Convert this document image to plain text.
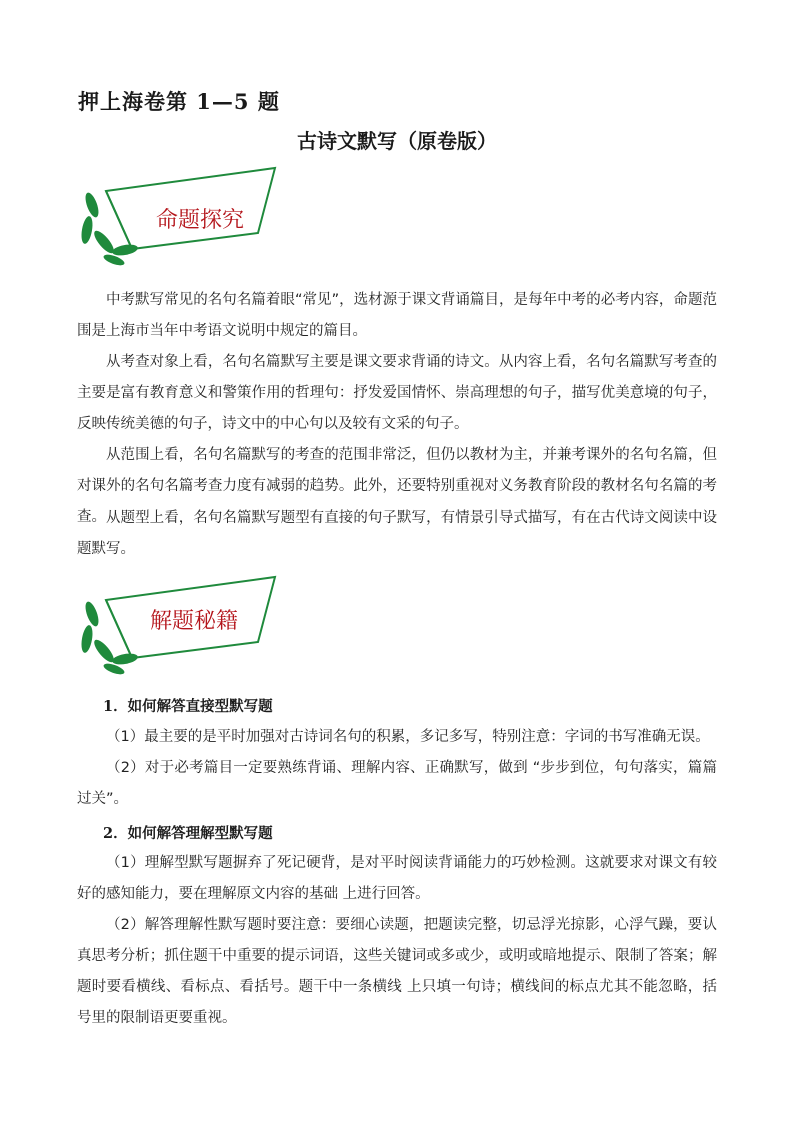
押上海卷第 1—5 题
古诗文默写（原卷版）
命题探究

中考默写常见的名句名篇着眼“常见”，选材源于课文背诵篇目，是每年中考的必考内容，命题范围是上海市当年中考语文说明中规定的篇目。

从考查对象上看，名句名篇默写主要是课文要求背诵的诗文。从内容上看，名句名篇默写考查的主要是富有教育意义和警策作用的哲理句：抒发爱国情怀、崇高理想的句子，描写优美意境的句子，反映传统美德的句子，诗文中的中心句以及较有文采的句子。

从范围上看，名句名篇默写的考查的范围非常泛，但仍以教材为主，并兼考课外的名句名篇，但对课外的名句名篇考查力度有减弱的趋势。此外，还要特别重视对义务教育阶段的教材名句名篇的考查。 从题型上看，名句名篇默写题型有直接的句子默写，有情景引导式描写，有在古代诗文阅读中设题默写。

解题秘籍
1．如何解答直接型默写题

（1）最主要的是平时加强对古诗词名句的积累，多记多写，特别注意：字词的书写准确无误。

（2）对于必考篇目一定要熟练背诵、理解内容、正确默写，做到 “步步到位，句句落实，篇篇过关”。

2．如何解答理解型默写题

（1）理解型默写题摒弃了死记硬背，是对平时阅读背诵能力的巧妙检测。这就要求对课文有较好的感知能力，要在理解原文内容的基础 上进行回答。

（2）解答理解性默写题时要注意：要细心读题，把题读完整，切忌浮光掠影，心浮气躁，要认真思考分析；抓住题干中重要的提示词语，这些关键词或多或少，或明或暗地提示、限制了答案；解题时要看横线、看标点、看括号。题干中一条横线 上只填一句诗；横线间的标点尤其不能忽略，括号里的限制语更要重视。
